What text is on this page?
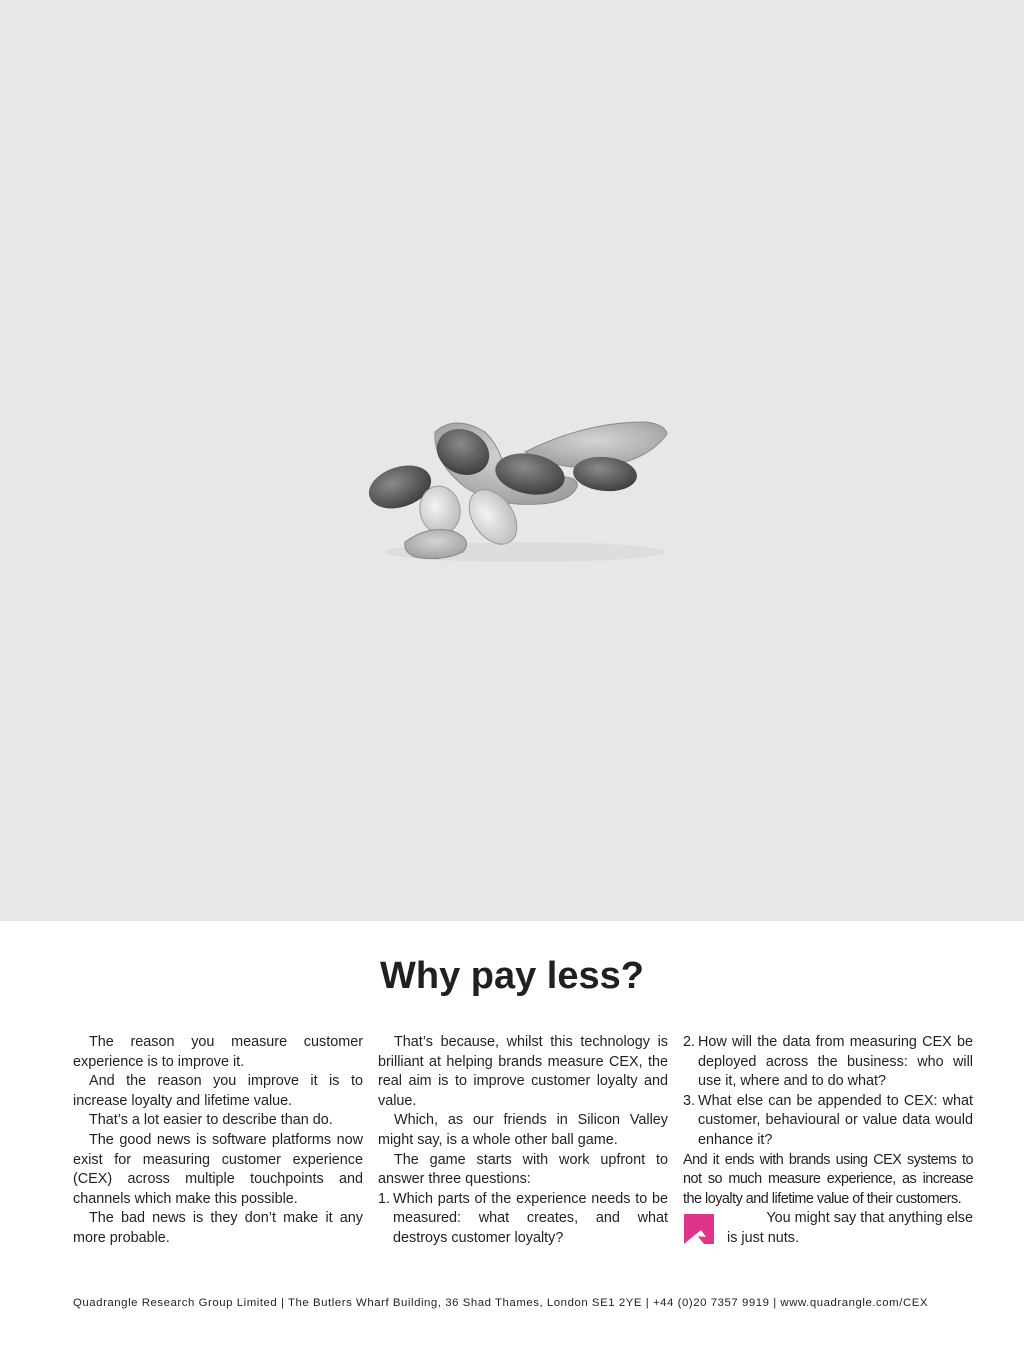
Why pay less?

The reason you measure customer experience is to improve it.

And the reason you improve it is to increase loyalty and lifetime value.

That’s a lot easier to describe than do.

The good news is software platforms now exist for measuring customer experience (CEX) across multiple touchpoints and channels which make this possible.

The bad news is they don’t make it any more probable.

That’s because, whilst this technology is brilliant at helping brands measure CEX, the real aim is to improve customer loyalty and value.

Which, as our friends in Silicon Valley might say, is a whole other ball game.

The game starts with work upfront to answer three questions:

1. Which parts of the experience needs to be measured: what creates, and what destroys customer loyalty?
2. How will the data from measuring CEX be deployed across the business: who will use it, where and to do what?
3. What else can be appended to CEX: what customer, behavioural or value data would enhance it?

And it ends with brands using CEX systems to not so much measure experience, as increase the loyalty and lifetime value of their customers.

You might say that anything else

is just nuts.

Quadrangle Research Group Limited | The Butlers Wharf Building, 36 Shad Thames, London SE1 2YE | +44 (0)20 7357 9919 | www.quadrangle.com/CEX
